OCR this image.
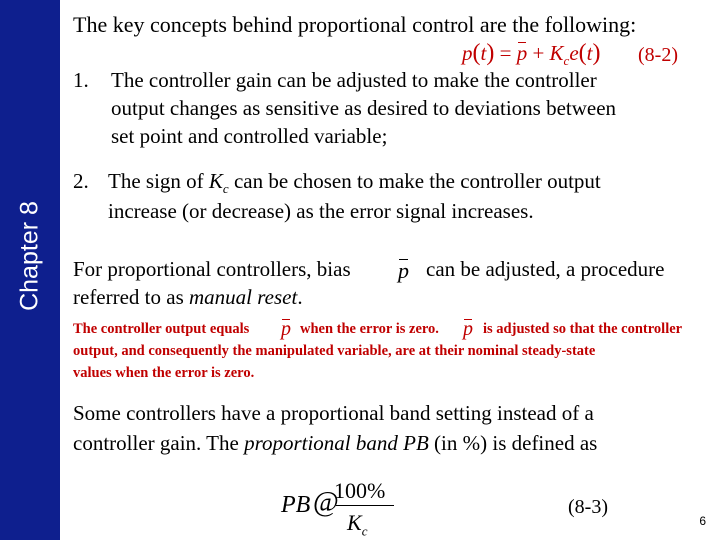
Chapter 8
The key concepts behind proportional control are the following:
$p(t) = p + K_ce(t)$ (8-2)
1. The controller gain can be adjusted to make the controller
output changes as sensitive as desired to deviations between
set point and controlled variable;
2. The sign of $K_c$ can be chosen to make the controller output
increase (or decrease) as the error signal increases.
For proportional controllers, bias p can be adjusted, a procedure
referred to as manual reset.
The controller output equals p when the error is zero. p is adjusted so that the controller
output, and consequently the manipulated variable, are at their nominal steady-state
values when the error is zero.
Some controllers have a proportional band setting instead of a
controller gain. The proportional band PB (in %) is defined as
PB @
100%
$K_c$
(8-3)
6
